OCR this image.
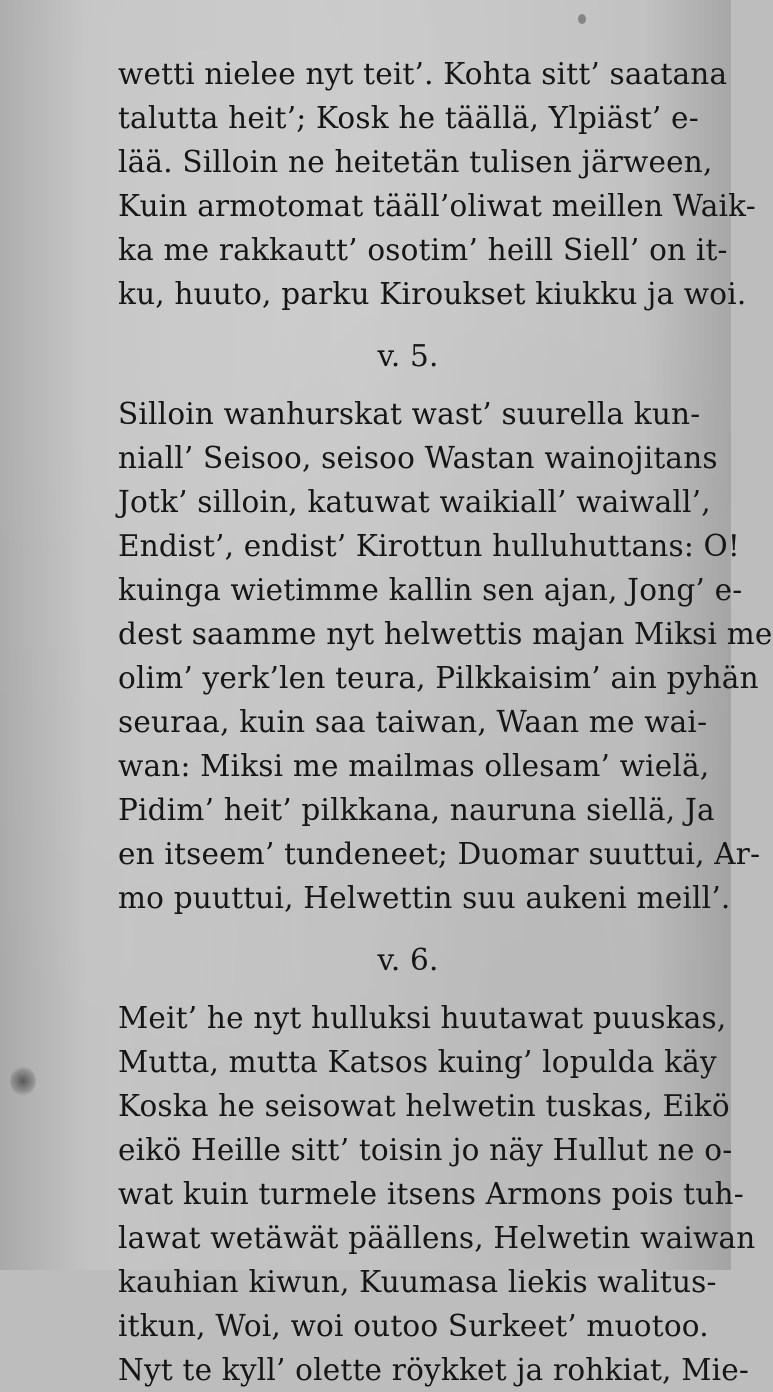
wetti nielee nyt teit’. Kohta sitt’ saatana
talutta heit’; Kosk he täällä, Ylpiäst’ e-
lää. Silloin ne heitetän tulisen järween,
Kuin armotomat tääll’oliwat meillen Waik-
ka me rakkautt’ osotim’ heill Siell’ on it-
ku, huuto, parku Kiroukset kiukku ja woi.
v. 5.
Silloin wanhurskat wast’ suurella kun-
niall’ Seisoo, seisoo Wastan wainojitans
Jotk’ silloin, katuwat waikiall’ waiwall’,
Endist’, endist’ Kirottun hulluhuttans: O!
kuinga wietimme kallin sen ajan, Jong’ e-
dest saamme nyt helwettis majan Miksi me
olim’ yerk’len teura, Pilkkaisim’ ain pyhän
seuraa, kuin saa taiwan, Waan me wai-
wan: Miksi me mailmas ollesam’ wielä,
Pidim’ heit’ pilkkana, nauruna siellä, Ja
en itseem’ tundeneet; Duomar suuttui, Ar-
mo puuttui, Helwettin suu aukeni meill’.
v. 6.
Meit’ he nyt hulluksi huutawat puuskas,
Mutta, mutta Katsos kuing’ lopulda käy
Koska he seisowat helwetin tuskas, Eikö
eikö Heille sitt’ toisin jo näy Hullut ne o-
wat kuin turmele itsens Armons pois tuh-
lawat wetäwät päällens, Helwetin waiwan
kauhian kiwun, Kuumasa liekis walitus-
itkun, Woi, woi outoo Surkeet’ muotoo.
Nyt te kyll’ olette röykket ja rohkiat, Mie-
